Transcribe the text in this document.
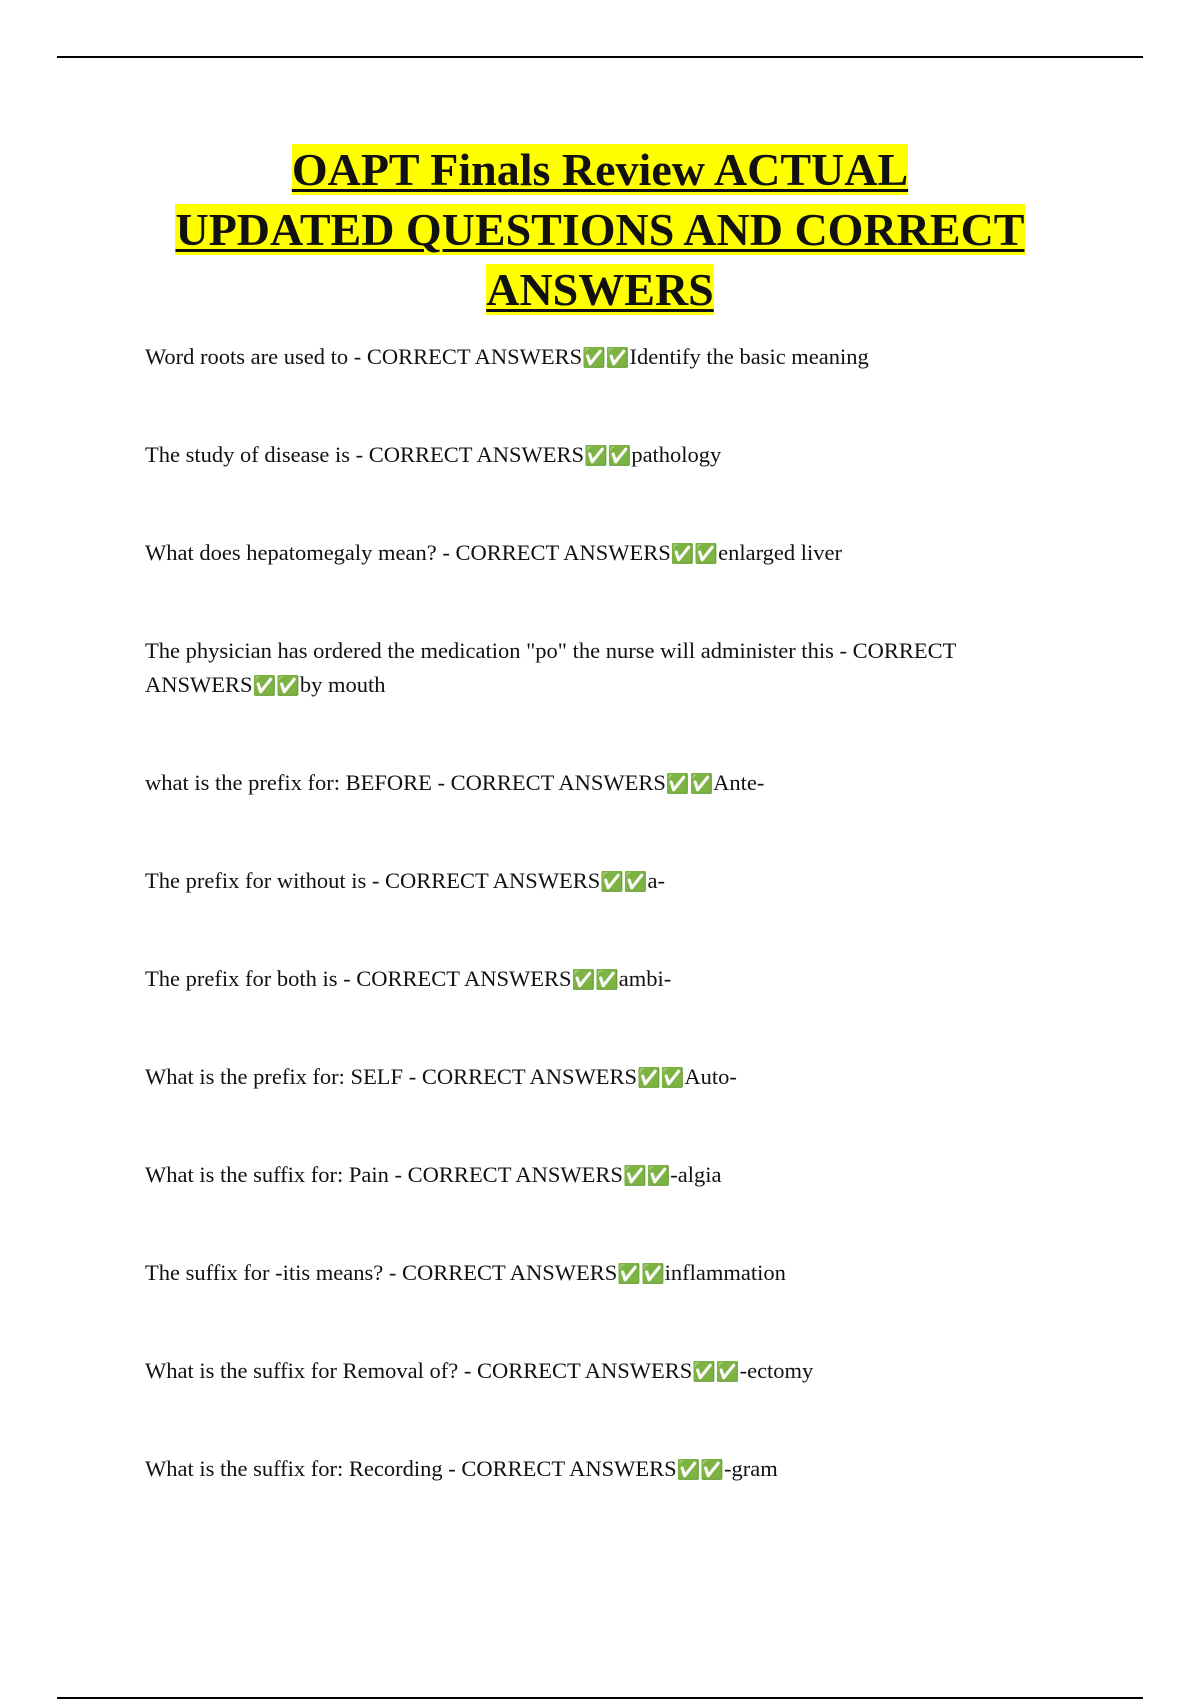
OAPT Finals Review ACTUAL
UPDATED QUESTIONS AND CORRECT
ANSWERS
Word roots are used to - CORRECT ANSWERS✅✅Identify the basic meaning
The study of disease is - CORRECT ANSWERS✅✅pathology
What does hepatomegaly mean? - CORRECT ANSWERS✅✅enlarged liver
The physician has ordered the medication "po" the nurse will administer this - CORRECT ANSWERS✅✅by mouth
what is the prefix for: BEFORE - CORRECT ANSWERS✅✅Ante-
The prefix for without is - CORRECT ANSWERS✅✅a-
The prefix for both is - CORRECT ANSWERS✅✅ambi-
What is the prefix for: SELF - CORRECT ANSWERS✅✅Auto-
What is the suffix for: Pain - CORRECT ANSWERS✅✅-algia
The suffix for -itis means? - CORRECT ANSWERS✅✅inflammation
What is the suffix for Removal of? - CORRECT ANSWERS✅✅-ectomy
What is the suffix for: Recording - CORRECT ANSWERS✅✅-gram
